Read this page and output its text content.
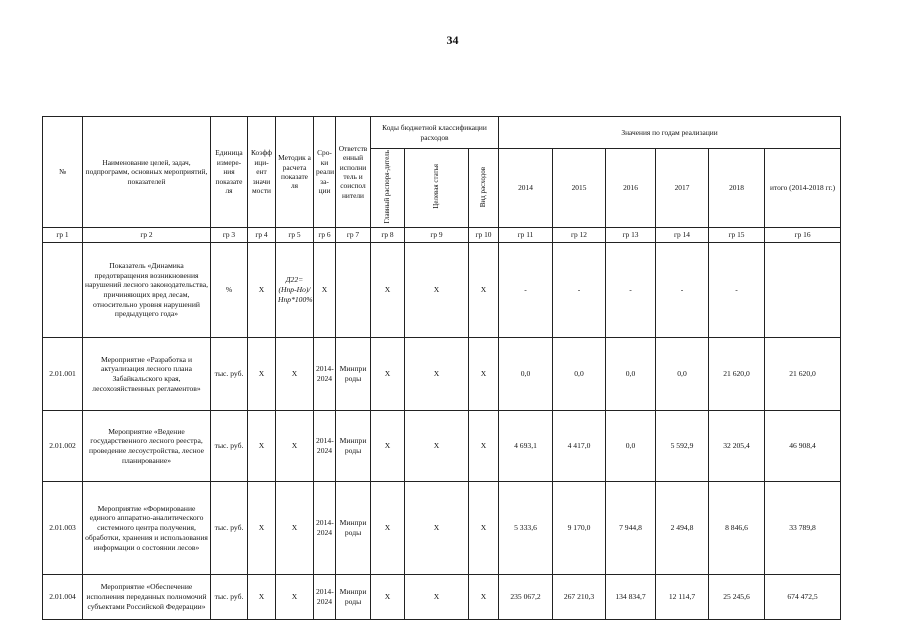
34
№	Наименование целей, задач, подпрограмм, основных мероприятий, показателей	Единица измере-ния показате ля	Коэфф ици-ент значи мости	Методик а расчета показате ля	Сро-ки реали за-ции	Ответств енный исполни тель и соиспол нители	Коды бюджетной классификации расходов			Значения по годам реализации					
							Главный распоря-дитель	Целевая статья	Вид расходов	2014	2015	2016	2017	2018	итого (2014-2018 гг.)
гр 1	гр 2	гр 3	гр 4	гр 5	гр 6	гр 7	гр 8	гр 9	гр 10	гр 11	гр 12	гр 13	гр 14	гр 15	гр 16
	Показатель «Динамика предотвращения возникновения нарушений лесного законодательства, причиняющих вред лесам, относительно уровня нарушений предыдущего года»	%	X	Д22=(Нпр-Но)/Нпр*100%	X		X	X	X	-	-	-	-	-	
2.01.001	Мероприятие «Разработка и актуализация лесного плана Забайкальского края, лесохозяйственных регламентов»	тыс. руб.	X	X	2014-2024	Минпри роды	X	X	X	0,0	0,0	0,0	0,0	21 620,0	21 620,0
2.01.002	Мероприятие «Ведение государственного лесного реестра, проведение лесоустройства, лесное планирование»	тыс. руб.	X	X	2014-2024	Минпри роды	X	X	X	4 693,1	4 417,0	0,0	5 592,9	32 205,4	46 908,4
2.01.003	Мероприятие «Формирование единого аппаратно-аналитического системного центра получения, обработки, хранения и использования информации о состоянии лесов»	тыс. руб.	X	X	2014-2024	Минпри роды	X	X	X	5 333,6	9 170,0	7 944,8	2 494,8	8 846,6	33 789,8
2.01.004	Мероприятие «Обеспечение исполнения переданных полномочий субъектами Российской Федерации»	тыс. руб.	X	X	2014-2024	Минпри роды	X	X	X	235 067,2	267 210,3	134 834,7	12 114,7	25 245,6	674 472,5
